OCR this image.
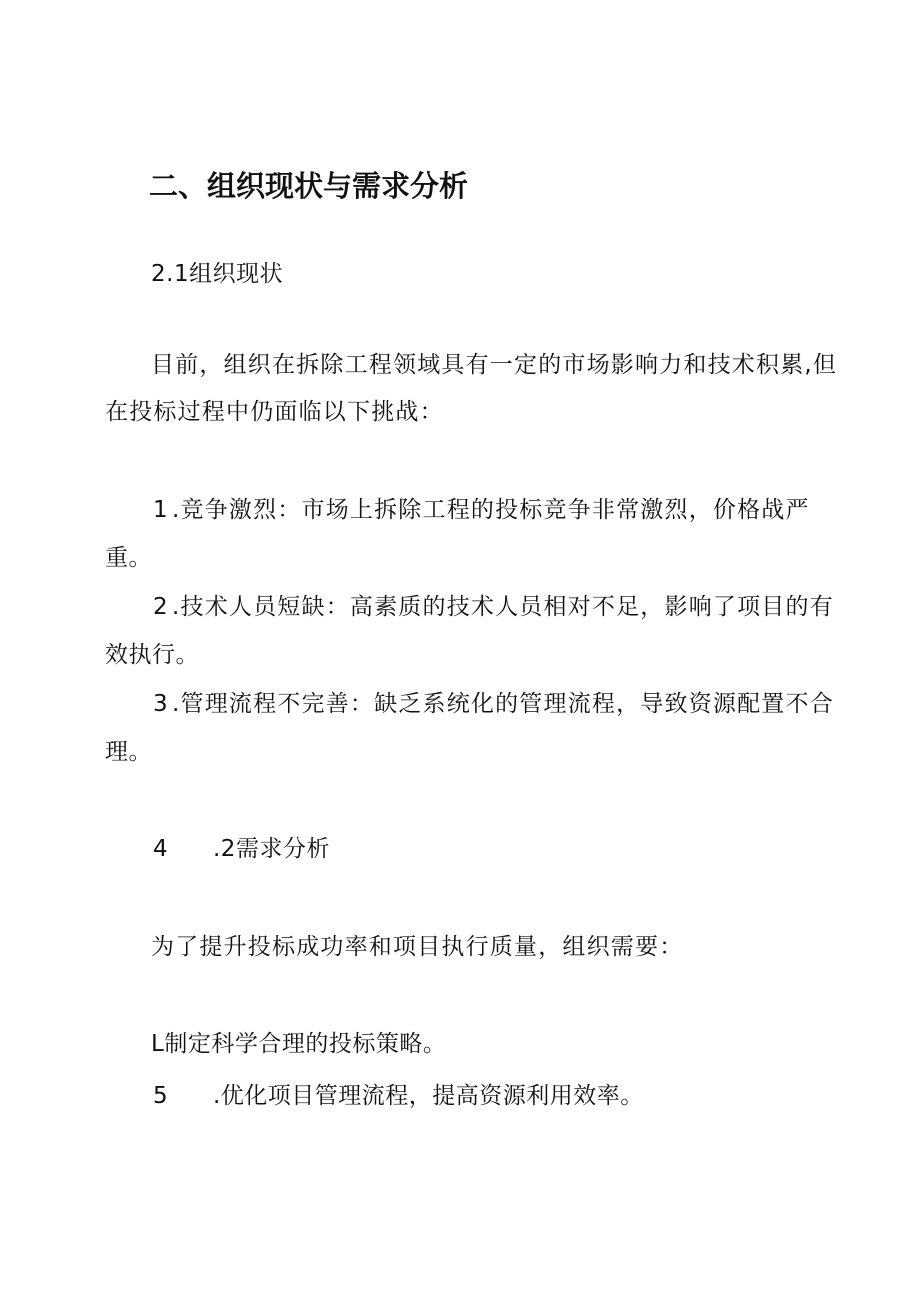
二、组织现状与需求分析
2.1组织现状
目前，组织在拆除工程领域具有一定的市场影响力和技术积累,但
在投标过程中仍面临以下挑战：
1 .竞争激烈：市场上拆除工程的投标竞争非常激烈，价格战严
重。
2 .技术人员短缺：高素质的技术人员相对不足，影响了项目的有
效执行。
3 .管理流程不完善：缺乏系统化的管理流程，导致资源配置不合
理。
4 .2需求分析
为了提升投标成功率和项目执行质量，组织需要：
L制定科学合理的投标策略。
5 .优化项目管理流程，提高资源利用效率。
